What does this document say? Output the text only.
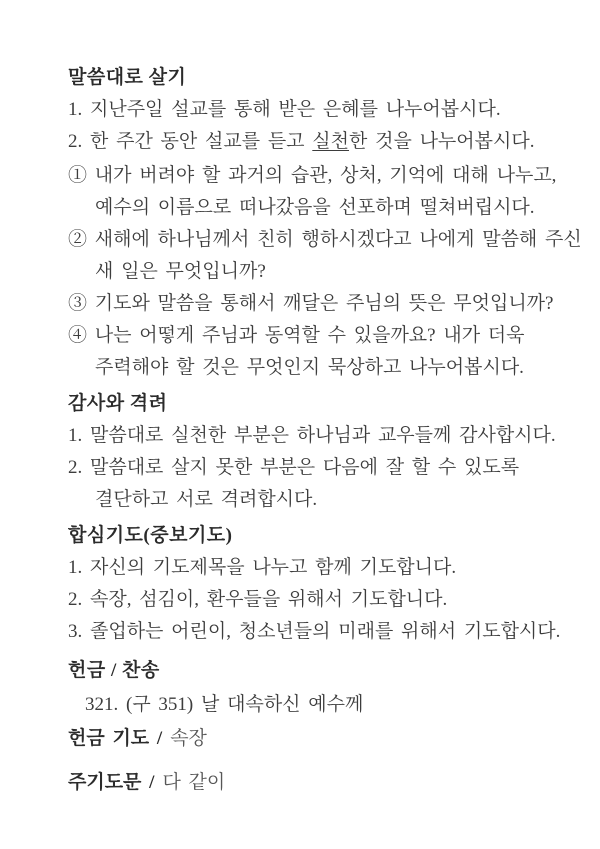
말씀대로 살기
1. 지난주일 설교를 통해 받은 은혜를 나누어봅시다.
2. 한 주간 동안 설교를 듣고 실천한 것을 나누어봅시다.
① 내가 버려야 할 과거의 습관, 상처, 기억에 대해 나누고,
예수의 이름으로 떠나갔음을 선포하며 떨쳐버립시다.
② 새해에 하나님께서 친히 행하시겠다고 나에게 말씀해 주신
새 일은 무엇입니까?
③ 기도와 말씀을 통해서 깨달은 주님의 뜻은 무엇입니까?
④ 나는 어떻게 주님과 동역할 수 있을까요? 내가 더욱
주력해야 할 것은 무엇인지 묵상하고 나누어봅시다.
감사와 격려
1. 말씀대로 실천한 부분은 하나님과 교우들께 감사합시다.
2. 말씀대로 살지 못한 부분은 다음에 잘 할 수 있도록
결단하고 서로 격려합시다.
합심기도(중보기도)
1. 자신의 기도제목을 나누고 함께 기도합니다.
2. 속장, 섬김이, 환우들을 위해서 기도합니다.
3. 졸업하는 어린이, 청소년들의 미래를 위해서 기도합시다.
헌금 / 찬송
321. (구 351) 날 대속하신 예수께
헌금 기도 / 속장
주기도문 / 다 같이
